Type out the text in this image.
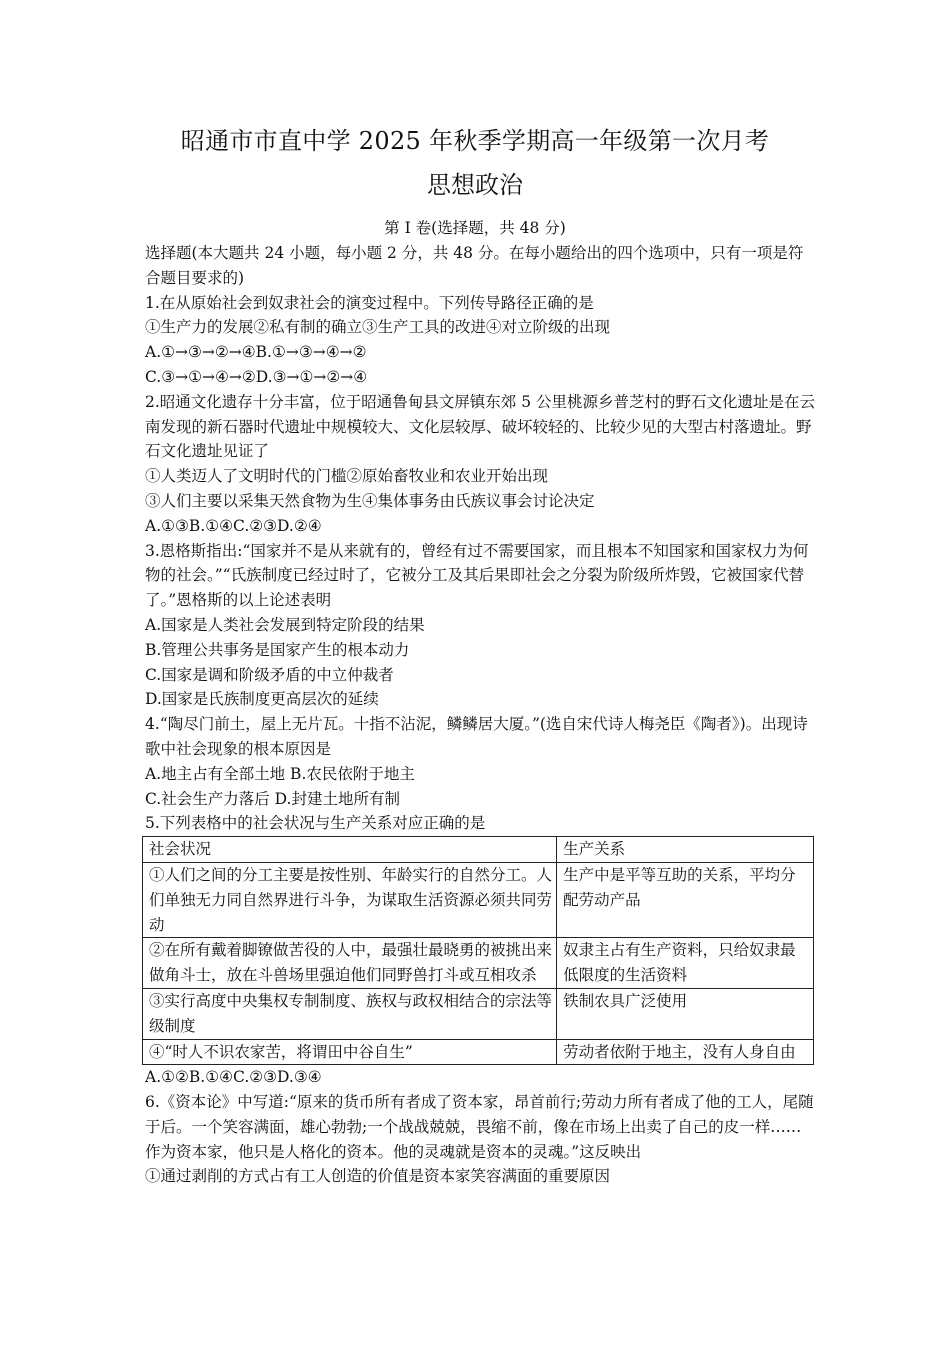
昭通市市直中学 2025 年秋季学期高一年级第一次月考
思想政治
第 I 卷(选择题，共 48 分)

选择题(本大题共 24 小题，每小题 2 分，共 48 分。在每小题给出的四个选项中，只有一项是符合题目要求的)

1.在从原始社会到奴隶社会的演变过程中。下列传导路径正确的是

①生产力的发展②私有制的确立③生产工具的改进④对立阶级的出现

A.①→③→②→④B.①→③→④→②

C.③→①→④→②D.③→①→②→④

2.昭通文化遗存十分丰富，位于昭通鲁甸县文屏镇东郊 5 公里桃源乡普芝村的野石文化遗址是在云南发现的新石器时代遗址中规模较大、文化层较厚、破坏较轻的、比较少见的大型古村落遗址。野石文化遗址见证了

①人类迈人了文明时代的门槛②原始畜牧业和农业开始出现

③人们主要以采集天然食物为生④集体事务由氏族议事会讨论决定

A.①③B.①④C.②③D.②④

3.恩格斯指出:“国家并不是从来就有的，曾经有过不需要国家，而且根本不知国家和国家权力为何物的社会。”“氏族制度已经过时了，它被分工及其后果即社会之分裂为阶级所炸毁，它被国家代替了。”恩格斯的以上论述表明

A.国家是人类社会发展到特定阶段的结果

B.管理公共事务是国家产生的根本动力

C.国家是调和阶级矛盾的中立仲裁者

D.国家是氏族制度更高层次的延续

4.“陶尽门前土，屋上无片瓦。十指不沾泥，鳞鳞居大厦。”(选自宋代诗人梅尧臣《陶者》)。出现诗歌中社会现象的根本原因是

A.地主占有全部土地 B.农民依附于地主

C.社会生产力落后 D.封建土地所有制

5.下列表格中的社会状况与生产关系对应正确的是

社会状况	生产关系
①人们之间的分工主要是按性别、年龄实行的自然分工。人们单独无力同自然界进行斗争，为谋取生活资源必须共同劳动	生产中是平等互助的关系，平均分配劳动产品
②在所有戴着脚镣做苦役的人中，最强壮最晓勇的被挑出来做角斗士，放在斗兽场里强迫他们同野兽打斗或互相攻杀	奴隶主占有生产资料，只给奴隶最低限度的生活资料
③实行高度中央集权专制制度、族权与政权相结合的宗法等级制度	铁制农具广泛使用
④“时人不识农家苦，将谓田中谷自生”	劳动者依附于地主，没有人身自由

A.①②B.①④C.②③D.③④

6.《资本论》中写道:“原来的货币所有者成了资本家，昂首前行;劳动力所有者成了他的工人，尾随于后。一个笑容满面，雄心勃勃;一个战战兢兢，畏缩不前，像在市场上出卖了自己的皮一样……作为资本家，他只是人格化的资本。他的灵魂就是资本的灵魂。”这反映出

①通过剥削的方式占有工人创造的价值是资本家笑容满面的重要原因
